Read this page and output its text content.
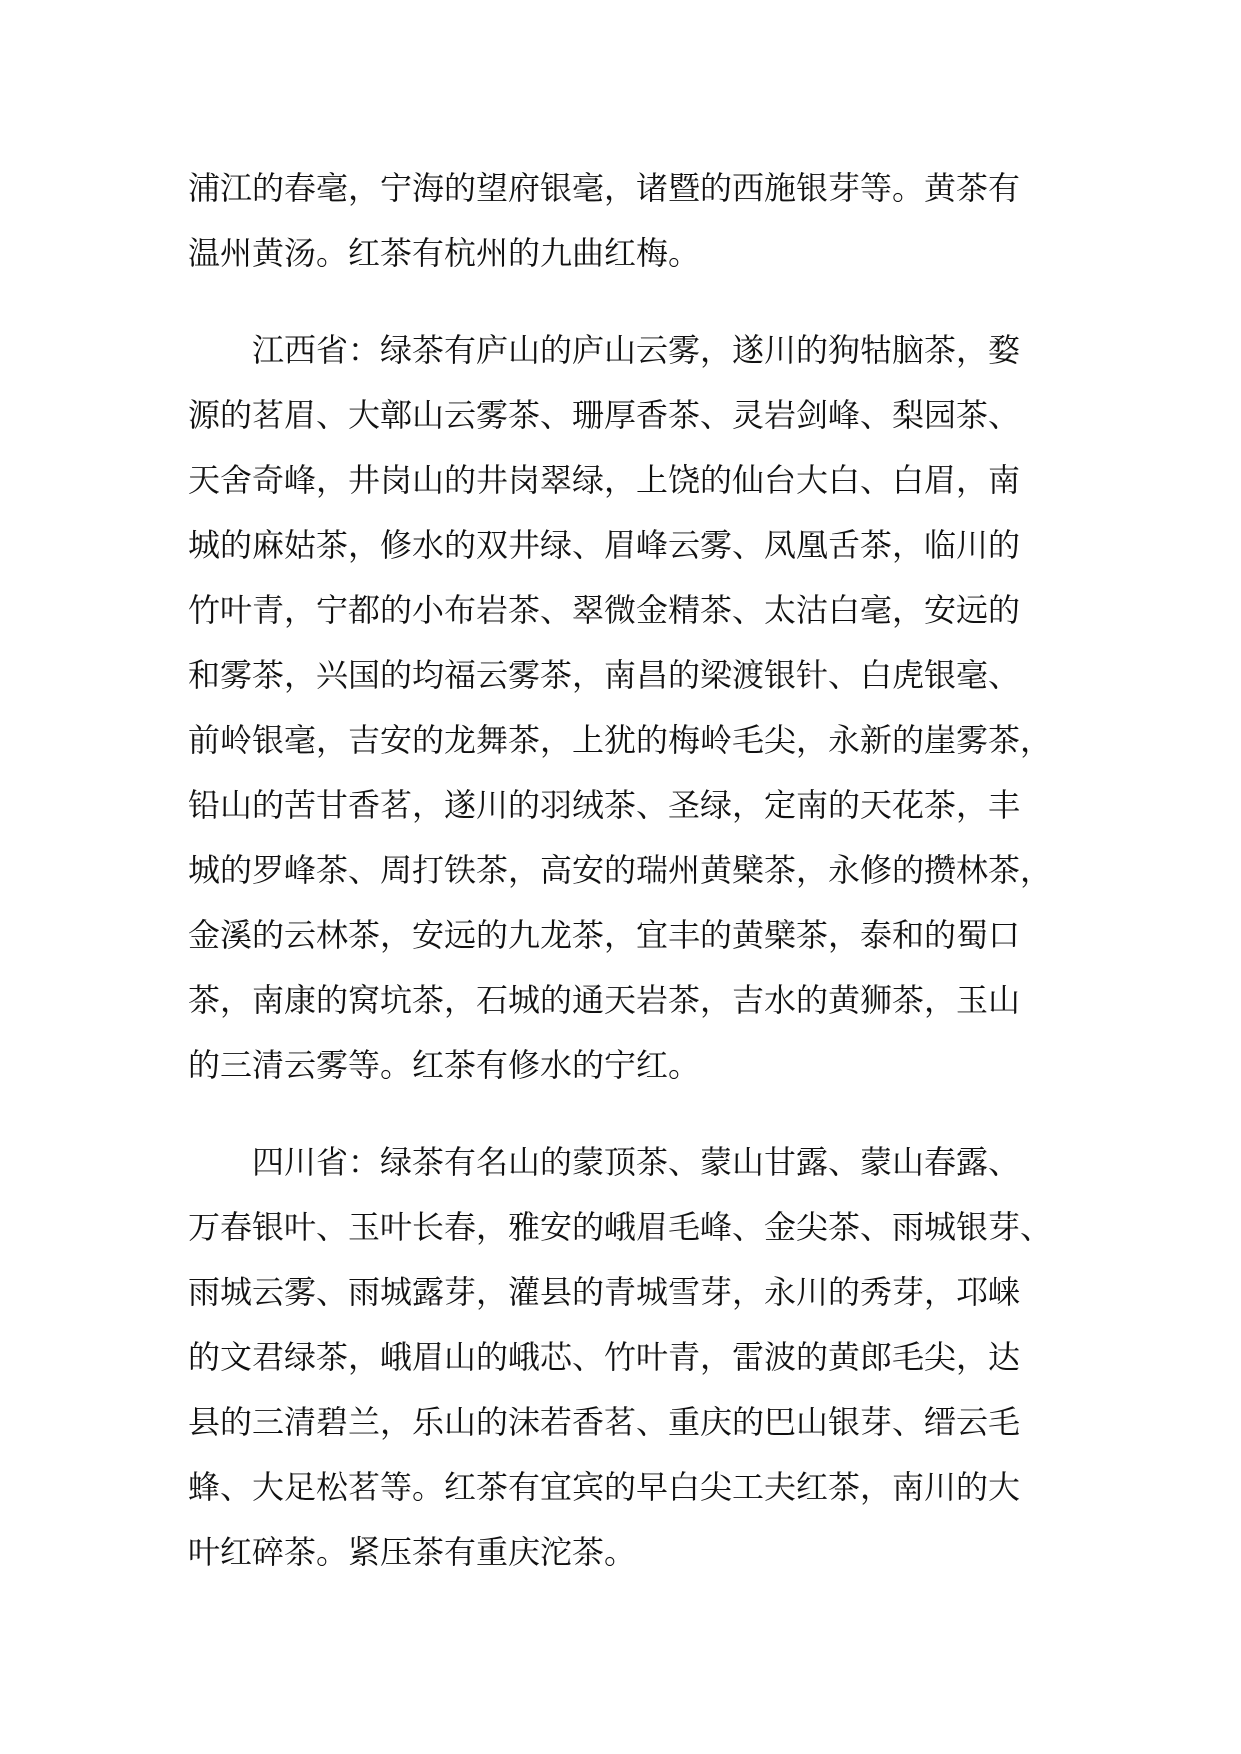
浦江的春毫，宁海的望府银毫，诸暨的西施银芽等。黄茶有
温州黄汤。红茶有杭州的九曲红梅。
江西省：绿茶有庐山的庐山云雾，遂川的狗牯脑茶，婺
源的茗眉、大鄣山云雾茶、珊厚香茶、灵岩剑峰、梨园茶、
天舍奇峰，井岗山的井岗翠绿，上饶的仙台大白、白眉，南
城的麻姑茶，修水的双井绿、眉峰云雾、凤凰舌茶，临川的
竹叶青，宁都的小布岩茶、翠微金精茶、太沽白毫，安远的
和雾茶，兴国的均福云雾茶，南昌的梁渡银针、白虎银毫、
前岭银毫，吉安的龙舞茶，上犹的梅岭毛尖，永新的崖雾茶，
铅山的苦甘香茗，遂川的羽绒茶、圣绿，定南的天花茶，丰
城的罗峰茶、周打铁茶，高安的瑞州黄檗茶，永修的攒林茶，
金溪的云林茶，安远的九龙茶，宜丰的黄檗茶，泰和的蜀口
茶，南康的窝坑茶，石城的通天岩茶，吉水的黄狮茶，玉山
的三清云雾等。红茶有修水的宁红。
四川省：绿茶有名山的蒙顶茶、蒙山甘露、蒙山春露、
万春银叶、玉叶长春，雅安的峨眉毛峰、金尖茶、雨城银芽、
雨城云雾、雨城露芽，灌县的青城雪芽，永川的秀芽，邛崃
的文君绿茶，峨眉山的峨芯、竹叶青，雷波的黄郎毛尖，达
县的三清碧兰，乐山的沫若香茗、重庆的巴山银芽、缙云毛
蜂、大足松茗等。红茶有宜宾的早白尖工夫红茶，南川的大
叶红碎茶。紧压茶有重庆沱茶。
